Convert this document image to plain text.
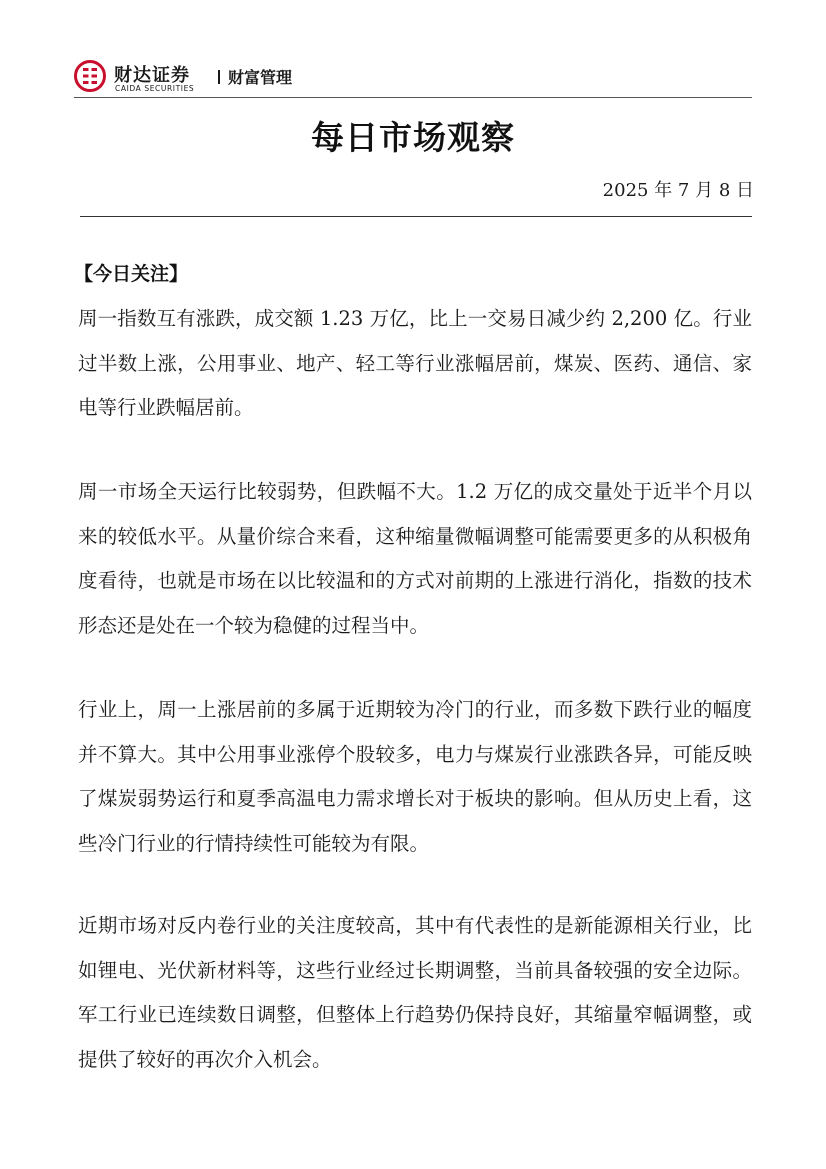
财达证券
CAIDA SECURITIES
财富管理
每日市场观察
2025 年 7 月 8 日
【今日关注】

周一指数互有涨跌，成交额 1.23 万亿，比上一交易日减少约 2,200 亿。行业过半数上涨，公用事业、地产、轻工等行业涨幅居前，煤炭、医药、通信、家电等行业跌幅居前。

周一市场全天运行比较弱势，但跌幅不大。1.2 万亿的成交量处于近半个月以来的较低水平。从量价综合来看，这种缩量微幅调整可能需要更多的从积极角度看待，也就是市场在以比较温和的方式对前期的上涨进行消化，指数的技术形态还是处在一个较为稳健的过程当中。

行业上，周一上涨居前的多属于近期较为冷门的行业，而多数下跌行业的幅度并不算大。其中公用事业涨停个股较多，电力与煤炭行业涨跌各异，可能反映了煤炭弱势运行和夏季高温电力需求增长对于板块的影响。但从历史上看，这些冷门行业的行情持续性可能较为有限。

近期市场对反内卷行业的关注度较高，其中有代表性的是新能源相关行业，比如锂电、光伏新材料等，这些行业经过长期调整，当前具备较强的安全边际。军工行业已连续数日调整，但整体上行趋势仍保持良好，其缩量窄幅调整，或提供了较好的再次介入机会。
